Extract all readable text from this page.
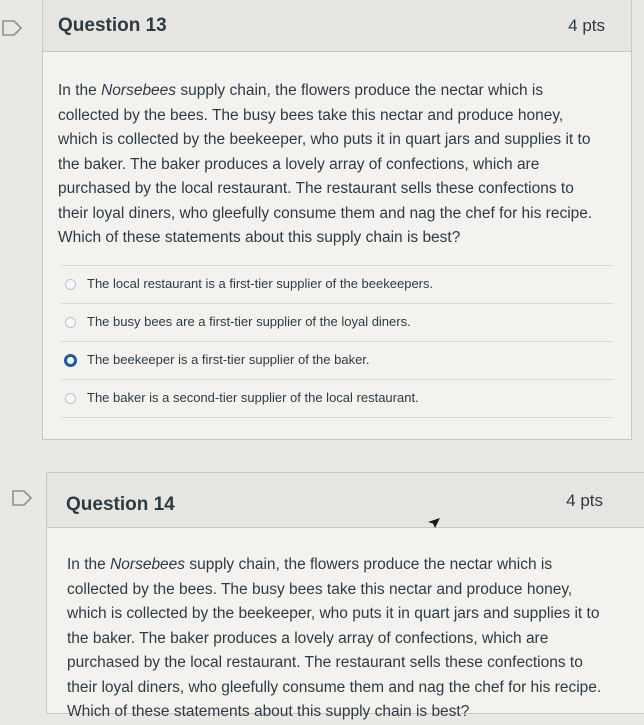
Question 13	4 pts

In the Norsebees supply chain, the flowers produce the nectar which is collected by the bees. The busy bees take this nectar and produce honey, which is collected by the beekeeper, who puts it in quart jars and supplies it to the baker. The baker produces a lovely array of confections, which are purchased by the local restaurant. The restaurant sells these confections to their loyal diners, who gleefully consume them and nag the chef for his recipe. Which of these statements about this supply chain is best?

The local restaurant is a first-tier supplier of the beekeepers.
The busy bees are a first-tier supplier of the loyal diners.
The beekeeper is a first-tier supplier of the baker.
The baker is a second-tier supplier of the local restaurant.
Question 14	4 pts

In the Norsebees supply chain, the flowers produce the nectar which is collected by the bees. The busy bees take this nectar and produce honey, which is collected by the beekeeper, who puts it in quart jars and supplies it to the baker. The baker produces a lovely array of confections, which are purchased by the local restaurant. The restaurant sells these confections to their loyal diners, who gleefully consume them and nag the chef for his recipe. Which of these statements about this supply chain is best?
